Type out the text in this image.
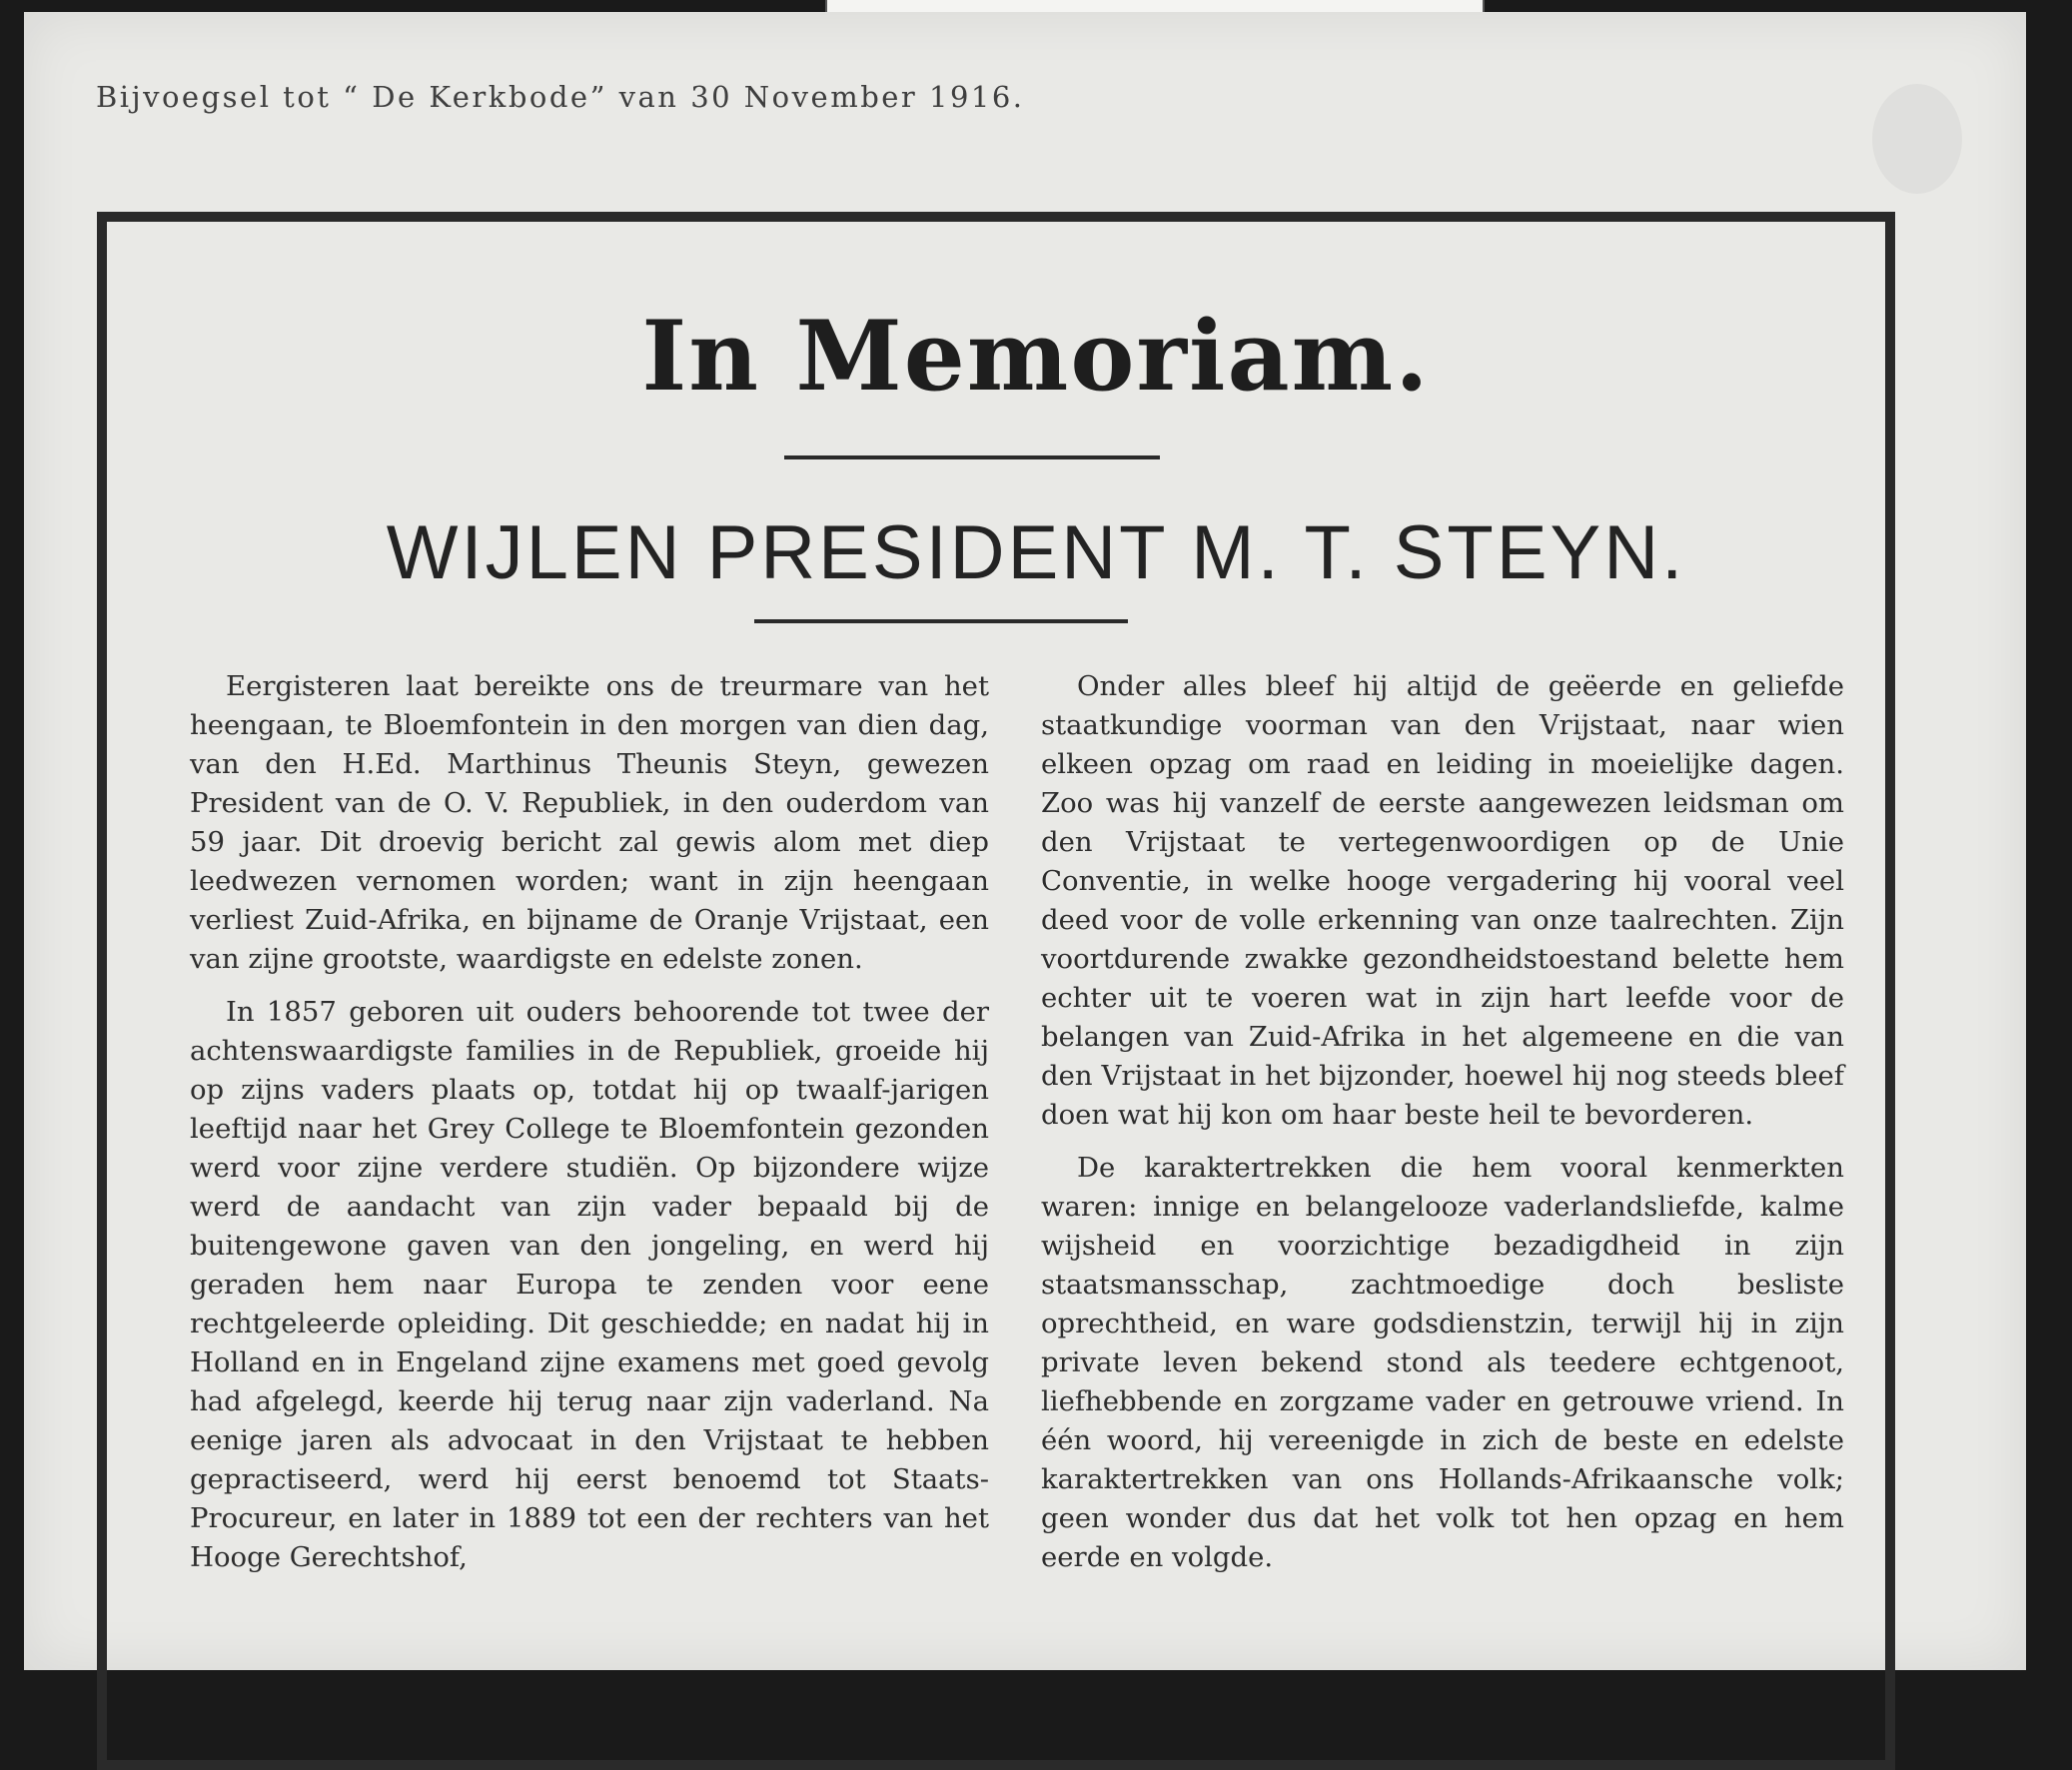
Bijvoegsel tot “ De Kerkbode” van 30 November 1916.
In Memoriam.
WIJLEN PRESIDENT M. T. STEYN.

Eergisteren laat bereikte ons de treurmare van het heengaan, te Bloemfontein in den morgen van dien dag, van den H.Ed. Marthinus Theunis Steyn, gewezen President van de O. V. Republiek, in den ouderdom van 59 jaar. Dit droevig bericht zal gewis alom met diep leedwezen vernomen worden; want in zijn heengaan verliest Zuid-Afrika, en bijname de Oranje Vrijstaat, een van zijne grootste, waardigste en edelste zonen.

In 1857 geboren uit ouders behoorende tot twee der achtenswaardigste families in de Republiek, groeide hij op zijns vaders plaats op, totdat hij op twaalf-jarigen leeftijd naar het Grey College te Bloemfontein gezonden werd voor zijne verdere studiën. Op bijzondere wijze werd de aandacht van zijn vader bepaald bij de buitengewone gaven van den jongeling, en werd hij geraden hem naar Europa te zenden voor eene rechtgeleerde opleiding. Dit geschiedde; en nadat hij in Holland en in Engeland zijne examens met goed gevolg had afgelegd, keerde hij terug naar zijn vaderland. Na eenige jaren als advocaat in den Vrijstaat te hebben gepractiseerd, werd hij eerst benoemd tot Staats-Procureur, en later in 1889 tot een der rechters van het Hooge Gerechtshof,

Onder alles bleef hij altijd de geëerde en geliefde staatkundige voorman van den Vrijstaat, naar wien elkeen opzag om raad en leiding in moeielijke dagen. Zoo was hij vanzelf de eerste aangewezen leidsman om den Vrijstaat te vertegenwoordigen op de Unie Conventie, in welke hooge vergadering hij vooral veel deed voor de volle erkenning van onze taalrechten. Zijn voortdurende zwakke gezondheidstoestand belette hem echter uit te voeren wat in zijn hart leefde voor de belangen van Zuid-Afrika in het algemeene en die van den Vrijstaat in het bijzonder, hoewel hij nog steeds bleef doen wat hij kon om haar beste heil te bevorderen.

De karaktertrekken die hem vooral kenmerkten waren: innige en belangelooze vaderlandsliefde, kalme wijsheid en voorzichtige bezadigdheid in zijn staatsmansschap, zachtmoedige doch besliste oprechtheid, en ware godsdienstzin, terwijl hij in zijn private leven bekend stond als teedere echtgenoot, liefhebbende en zorgzame vader en getrouwe vriend. In één woord, hij vereenigde in zich de beste en edelste karaktertrekken van ons Hollands-Afrikaansche volk; geen wonder dus dat het volk tot hen opzag en hem eerde en volgde.
